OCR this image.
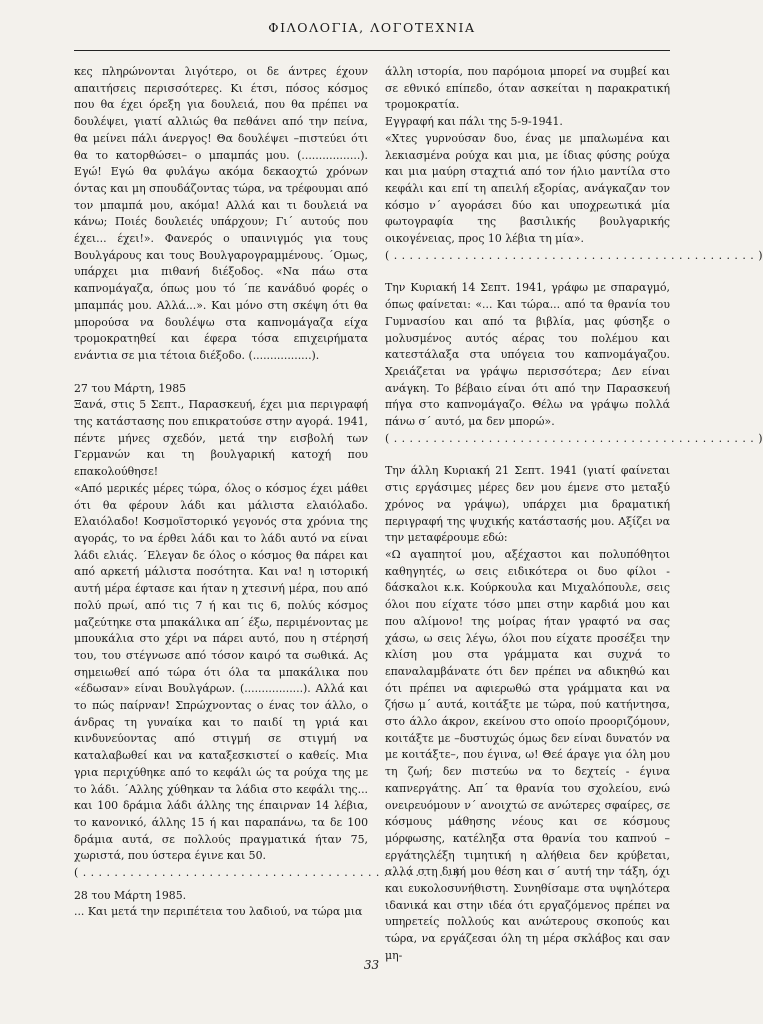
ΦΙΛΟΛΟΓΙΑ, ΛΟΓΟΤΕΧΝΙΑ

κες πληρώνονται λιγότερο, οι δε άντρες έχουν απαιτήσεις περισσότερες. Κι έτσι, πόσος κόσμος που θα έχει όρεξη για δουλειά, που θα πρέπει να δουλέψει, γιατί αλλιώς θα πεθάνει από την πείνα, θα μείνει πάλι άνεργος! Θα δουλέψει –πιστεύει ότι θα το κατορθώσει– ο μπαμπάς μου. (.................). Εγώ! Εγώ θα φυλάγω ακόμα δεκαοχτώ χρόνων όντας και μη σπουδάζοντας τώρα, να τρέφουμαι από τον μπαμπά μου, ακόμα! Αλλά και τι δουλειά να κάνω; Ποιές δουλειές υπάρχουν; Γι΄ αυτούς που έχει... έχει!». Φανερός ο υπαινιγμός για τους Βουλγάρους και τους Βουλγαρογραμμένους. ΄Ομως, υπάρχει μια πιθανή διέξοδος. «Να πάω στα καπνομάγαζα, όπως μου τό ΄πε κανάδυό φορές ο μπαμπάς μου. Αλλά...». Και μόνο στη σκέψη ότι θα μπορούσα να δουλέψω στα καπνομάγαζα είχα τρομοκρατηθεί και έφερα τόσα επιχειρήματα ενάντια σε μια τέτοια διέξοδο. (.................).

27 του Μάρτη, 1985

Ξανά, στις 5 Σεπτ., Παρασκευή, έχει μια περιγραφή της κατάστασης που επικρατούσε στην αγορά. 1941, πέντε μήνες σχεδόν, μετά την εισβολή των Γερμανών και τη βουλγαρική κατοχή που επακολούθησε!

«Από μερικές μέρες τώρα, όλος ο κόσμος έχει μάθει ότι θα φέρουν λάδι και μάλιστα ελαιόλαδο. Ελαιόλαδο! Κοσμοϊστορικό γεγονός στα χρόνια της αγοράς, το να έρθει λάδι και το λάδι αυτό να είναι λάδι ελιάς. ΄Ελεγαν δε όλος ο κόσμος θα πάρει και από αρκετή μάλιστα ποσότητα. Και να! η ιστορική αυτή μέρα έφτασε και ήταν η χτεσινή μέρα, που από πολύ πρωί, από τις 7 ή και τις 6, πολύς κόσμος μαζεύτηκε στα μπακάλικα απ΄ έξω, περιμένοντας με μπουκάλια στο χέρι να πάρει αυτό, που η στέρησή του, του στέγνωσε από τόσον καιρό τα σωθικά. Ας σημειωθεί από τώρα ότι όλα τα μπακάλικα που «έδωσαν» είναι Βουλγάρων. (.................). Αλλά και το πώς παίρναν! Σπρώχνοντας ο ένας τον άλλο, ο άνδρας τη γυναίκα και το παιδί τη γριά και κινδυνεύοντας από στιγμή σε στιγμή να καταλαβωθεί και να καταξεσκιστεί ο καθείς. Μια γρια περιχύθηκε από το κεφάλι ώς τα ρούχα της με το λάδι. ΄Αλλης χύθηκαν τα λάδια στο κεφάλι της... και 100 δράμια λάδι άλλης της έπαιρναν 14 λέβια, το κανονικό, άλλης 15 ή και παραπάνω, τα δε 100 δράμια αυτά, σε πολλούς πραγματικά ήταν 75, χωριστά, που ύστερα έγινε και 50.

( . . . . . . . . . . . . . . . . . . . . . . . . . . . . . . . . . . . . . . . . . . . . . . . )

28 του Μάρτη 1985.

... Και μετά την περιπέτεια του λαδιού, να τώρα μια

άλλη ιστορία, που παρόμοια μπορεί να συμβεί και σε εθνικό επίπεδο, όταν ασκείται η παρακρατική τρομοκρατία.

Εγγραφή και πάλι της 5-9-1941.

«Χτες γυρνούσαν δυο, ένας με μπαλωμένα και λεκιασμένα ρούχα και μια, με ίδιας φύσης ρούχα και μια μαύρη σταχτιά από τον ήλιο μαντίλα στο κεφάλι και επί τη απειλή εξορίας, ανάγκαζαν τον κόσμο ν΄ αγοράσει δύο και υποχρεωτικά μία φωτογραφία της βασιλικής βουλγαρικής οικογένειας, προς 10 λέβια τη μία».

( . . . . . . . . . . . . . . . . . . . . . . . . . . . . . . . . . . . . . . . . . . . . . . )

Την Κυριακή 14 Σεπτ. 1941, γράφω με σπαραγμό, όπως φαίνεται: «... Και τώρα... από τα θρανία του Γυμνασίου και από τα βιβλία, μας φύσηξε ο μολυσμένος αυτός αέρας του πολέμου και κατεστάλαξα στα υπόγεια του καπνομάγαζου. Χρειάζεται να γράψω περισσότερα; Δεν είναι ανάγκη. Το βέβαιο είναι ότι από την Παρασκευή πήγα στο καπνομάγαζο. Θέλω να γράψω πολλά πάνω σ΄ αυτό, μα δεν μπορώ».

( . . . . . . . . . . . . . . . . . . . . . . . . . . . . . . . . . . . . . . . . . . . . . . )

Την άλλη Κυριακή 21 Σεπτ. 1941 (γιατί φαίνεται στις εργάσιμες μέρες δεν μου έμενε στο μεταξύ χρόνος να γράψω), υπάρχει μια δραματική περιγραφή της ψυχικής κατάστασής μου. Αξίζει να την μεταφέρουμε εδώ:

«Ω αγαπητοί μου, αξέχαστοι και πολυπόθητοι καθηγητές, ω σεις ειδικότερα οι δυο φίλοι - δάσκαλοι κ.κ. Κούρκουλα και Μιχαλόπουλε, σεις όλοι που είχατε τόσο μπει στην καρδιά μου και που αλίμονο! της μοίρας ήταν γραφτό να σας χάσω, ω σεις λέγω, όλοι που είχατε προσέξει την κλίση μου στα γράμματα και συχνά το επαναλαμβάνατε ότι δεν πρέπει να αδικηθώ και ότι πρέπει να αφιερωθώ στα γράμματα και να ζήσω μ΄ αυτά, κοιτάξτε με τώρα, πού κατήντησα, στο άλλο άκρον, εκείνου στο οποίο προοριζόμουν, κοιτάξτε με –δυστυχώς όμως δεν είναι δυνατόν να με κοιτάξτε–, που έγινα, ω! Θεέ άραγε για όλη μου τη ζωή; δεν πιστεύω να το δεχτείς - έγινα καπνεργάτης. Απ΄ τα θρανία του σχολείου, ενώ ονειρευόμουν ν΄ ανοιχτώ σε ανώτερες σφαίρες, σε κόσμους μάθησης νέους και σε κόσμους μόρφωσης, κατέληξα στα θρανία του καπνού –εργάτηςλέξη τιμητική η αλήθεια δεν κρύβεται, αλλά στη δική μου θέση και σ΄ αυτή την τάξη, όχι και ευκολοσυνήθιστη. Συνηθίσαμε στα υψηλότερα ιδανικά και στην ιδέα ότι εργαζόμενος πρέπει να υπηρετείς πολλούς και ανώτερους σκοπούς και τώρα, να εργάζεσαι όλη τη μέρα σκλάβος και σαν μη-

33
